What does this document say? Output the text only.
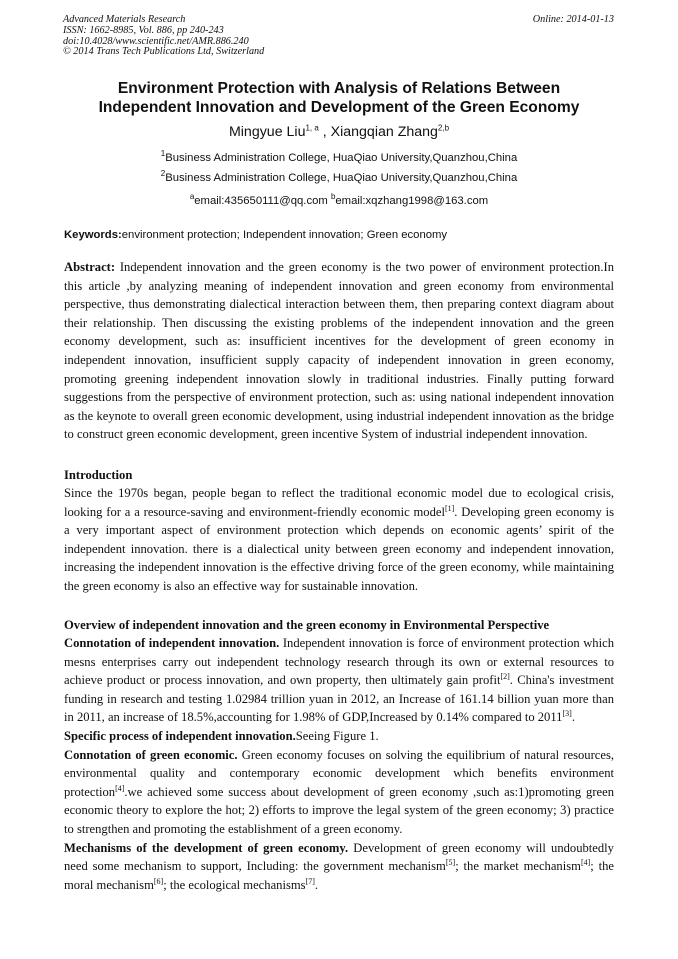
Advanced Materials Research
ISSN: 1662-8985, Vol. 886, pp 240-243
doi:10.4028/www.scientific.net/AMR.886.240
© 2014 Trans Tech Publications Ltd, Switzerland
Online: 2014-01-13
Environment Protection with Analysis of Relations Between
Independent Innovation and Development of the Green Economy
Mingyue Liu$^{1, a}$ , Xiangqian Zhang$^{2,b}$
$^1$Business Administration College, HuaQiao University,Quanzhou,China
$^2$Business Administration College, HuaQiao University,Quanzhou,China
$^a$email:435650111@qq.com $^b$email:xqzhang1998@163.com
Keywords:environment protection; Independent innovation; Green economy

Abstract: Independent innovation and the green economy is the two power of environment protection.In this article ,by analyzing meaning of independent innovation and green economy from environmental perspective, thus demonstrating dialectical interaction between them, then preparing context diagram about their relationship. Then discussing the existing problems of the independent innovation and the green economy development, such as: insufficient incentives for the development of green economy in independent innovation, insufficient supply capacity of independent innovation in green economy, promoting greening independent innovation slowly in traditional industries. Finally putting forward suggestions from the perspective of environment protection, such as: using national independent innovation as the keynote to overall green economic development, using industrial independent innovation as the bridge to construct green economic development, green incentive System of industrial independent innovation.

Introduction

Since the 1970s began, people began to reflect the traditional economic model due to ecological crisis, looking for a a resource-saving and environment-friendly economic model[1]. Developing green economy is a very important aspect of environment protection which depends on economic agents’ spirit of the independent innovation. there is a dialectical unity between green economy and independent innovation, increasing the independent innovation is the effective driving force of the green economy, while maintaining the green economy is also an effective way for sustainable innovation.

Overview of independent innovation and the green economy in Environmental Perspective

Connotation of independent innovation. Independent innovation is force of environment protection which mesns enterprises carry out independent technology research through its own or external resources to achieve product or process innovation, and own property, then ultimately gain profit[2]. China's investment funding in research and testing 1.02984 trillion yuan in 2012, an Increase of 161.14 billion yuan more than in 2011, an increase of 18.5%,accounting for 1.98% of GDP,Increased by 0.14% compared to 2011[3].

Specific process of independent innovation.Seeing Figure 1.

Connotation of green economic. Green economy focuses on solving the equilibrium of natural resources, environmental quality and contemporary economic development which benefits environment protection[4].we achieved some success about development of green economy ,such as:1)promoting green economic theory to explore the hot; 2) efforts to improve the legal system of the green economy; 3) practice to strengthen and promoting the establishment of a green economy.

Mechanisms of the development of green economy. Development of green economy will undoubtedly need some mechanism to support, Including: the government mechanism[5]; the market mechanism[4]; the moral mechanism[6]; the ecological mechanisms[7].
